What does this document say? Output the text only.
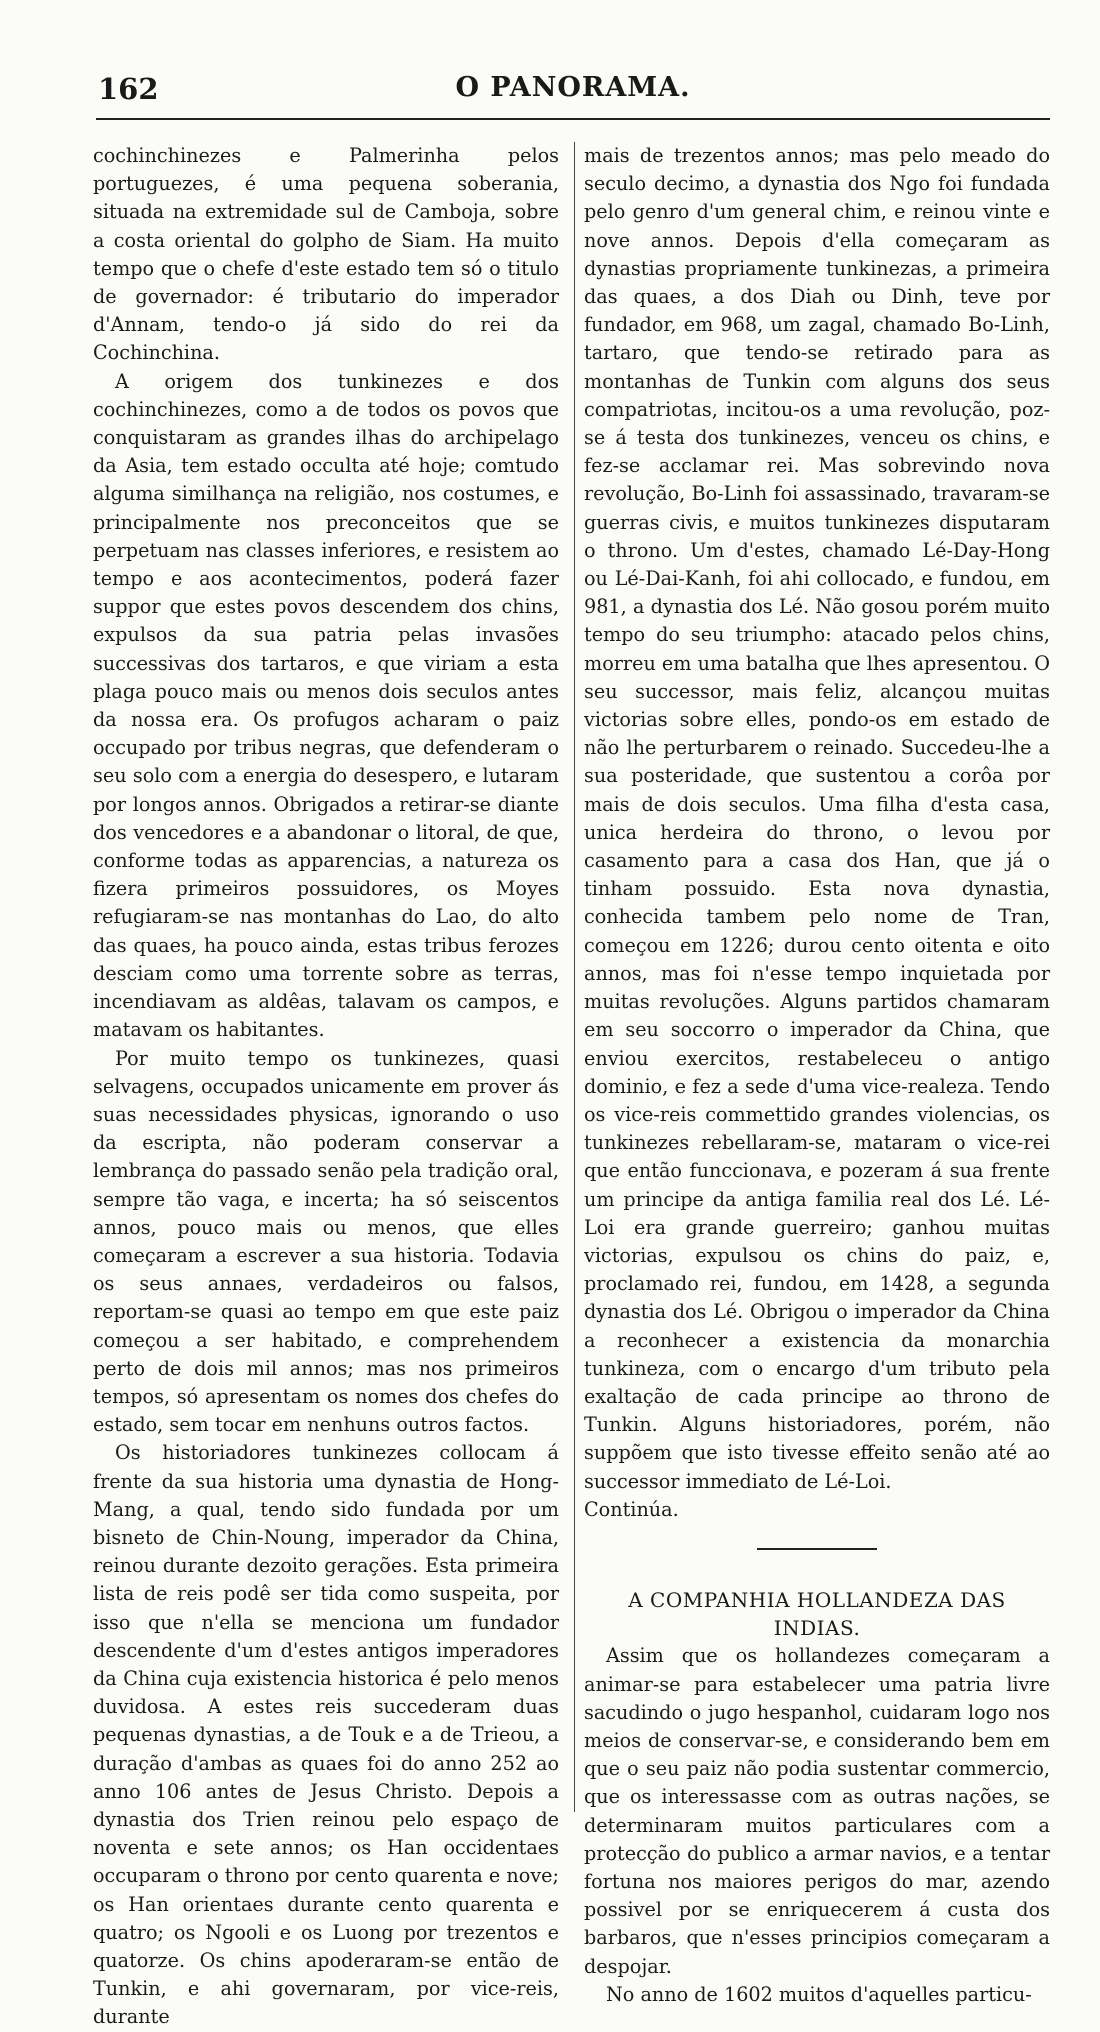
162	O PANORAMA.

cochinchinezes e Palmerinha pelos portuguezes, é uma pequena soberania, situada na extremidade sul de Camboja, sobre a costa oriental do golpho de Siam. Ha muito tempo que o chefe d'este estado tem só o titulo de governador: é tributario do imperador d'Annam, tendo-o já sido do rei da Cochinchina.

A origem dos tunkinezes e dos cochinchinezes, como a de todos os povos que conquistaram as grandes ilhas do archipelago da Asia, tem estado occulta até hoje; comtudo alguma similhança na religião, nos costumes, e principalmente nos preconceitos que se perpetuam nas classes inferiores, e resistem ao tempo e aos acontecimentos, poderá fazer suppor que estes povos descendem dos chins, expulsos da sua patria pelas invasões successivas dos tartaros, e que viriam a esta plaga pouco mais ou menos dois seculos antes da nossa era. Os profugos acharam o paiz occupado por tribus negras, que defenderam o seu solo com a energia do desespero, e lutaram por longos annos. Obrigados a retirar-se diante dos vencedores e a abandonar o litoral, de que, conforme todas as apparencias, a natureza os fizera primeiros possuidores, os Moyes refugiaram-se nas montanhas do Lao, do alto das quaes, ha pouco ainda, estas tribus ferozes desciam como uma torrente sobre as terras, incendiavam as aldêas, talavam os campos, e matavam os habitantes.

Por muito tempo os tunkinezes, quasi selvagens, occupados unicamente em prover ás suas necessidades physicas, ignorando o uso da escripta, não poderam conservar a lembrança do passado senão pela tradição oral, sempre tão vaga, e incerta; ha só seiscentos annos, pouco mais ou menos, que elles começaram a escrever a sua historia. Todavia os seus annaes, verdadeiros ou falsos, reportam-se quasi ao tempo em que este paiz começou a ser habitado, e comprehendem perto de dois mil annos; mas nos primeiros tempos, só apresentam os nomes dos chefes do estado, sem tocar em nenhuns outros factos.

Os historiadores tunkinezes collocam á frente da sua historia uma dynastia de Hong-Mang, a qual, tendo sido fundada por um bisneto de Chin-Noung, imperador da China, reinou durante dezoito gerações. Esta primeira lista de reis podê ser tida como suspeita, por isso que n'ella se menciona um fundador descendente d'um d'estes antigos imperadores da China cuja existencia historica é pelo menos duvidosa. A estes reis succederam duas pequenas dynastias, a de Touk e a de Trieou, a duração d'ambas as quaes foi do anno 252 ao anno 106 antes de Jesus Christo. Depois a dynastia dos Trien reinou pelo espaço de noventa e sete annos; os Han occidentaes occuparam o throno por cento quarenta e nove; os Han orientaes durante cento quarenta e quatro; os Ngooli e os Luong por trezentos e quatorze. Os chins apoderaram-se então de Tunkin, e ahi governaram, por vice-reis, durante

mais de trezentos annos; mas pelo meado do seculo decimo, a dynastia dos Ngo foi fundada pelo genro d'um general chim, e reinou vinte e nove annos. Depois d'ella começaram as dynastias propriamente tunkinezas, a primeira das quaes, a dos Diah ou Dinh, teve por fundador, em 968, um zagal, chamado Bo-Linh, tartaro, que tendo-se retirado para as montanhas de Tunkin com alguns dos seus compatriotas, incitou-os a uma revolução, poz-se á testa dos tunkinezes, venceu os chins, e fez-se acclamar rei. Mas sobrevindo nova revolução, Bo-Linh foi assassinado, travaram-se guerras civis, e muitos tunkinezes disputaram o throno. Um d'estes, chamado Lé-Day-Hong ou Lé-Dai-Kanh, foi ahi collocado, e fundou, em 981, a dynastia dos Lé. Não gosou porém muito tempo do seu triumpho: atacado pelos chins, morreu em uma batalha que lhes apresentou. O seu successor, mais feliz, alcançou muitas victorias sobre elles, pondo-os em estado de não lhe perturbarem o reinado. Succedeu-lhe a sua posteridade, que sustentou a corôa por mais de dois seculos. Uma filha d'esta casa, unica herdeira do throno, o levou por casamento para a casa dos Han, que já o tinham possuido. Esta nova dynastia, conhecida tambem pelo nome de Tran, começou em 1226; durou cento oitenta e oito annos, mas foi n'esse tempo inquietada por muitas revoluções. Alguns partidos chamaram em seu soccorro o imperador da China, que enviou exercitos, restabeleceu o antigo dominio, e fez a sede d'uma vice-realeza. Tendo os vice-reis commettido grandes violencias, os tunkinezes rebellaram-se, mataram o vice-rei que então funccionava, e pozeram á sua frente um principe da antiga familia real dos Lé. Lé-Loi era grande guerreiro; ganhou muitas victorias, expulsou os chins do paiz, e, proclamado rei, fundou, em 1428, a segunda dynastia dos Lé. Obrigou o imperador da China a reconhecer a existencia da monarchia tunkineza, com o encargo d'um tributo pela exaltação de cada principe ao throno de Tunkin. Alguns historiadores, porém, não suppõem que isto tivesse effeito senão até ao successor immediato de Lé-Loi.

Continúa.

A COMPANHIA HOLLANDEZA DAS INDIAS.

Assim que os hollandezes começaram a animar-se para estabelecer uma patria livre sacudindo o jugo hespanhol, cuidaram logo nos meios de conservar-se, e considerando bem em que o seu paiz não podia sustentar commercio, que os interessasse com as outras nações, se determinaram muitos particulares com a protecção do publico a armar navios, e a tentar fortuna nos maiores perigos do mar, azendo possivel por se enriquecerem á custa dos barbaros, que n'esses principios começaram a despojar.

No anno de 1602 muitos d'aquelles particu-
